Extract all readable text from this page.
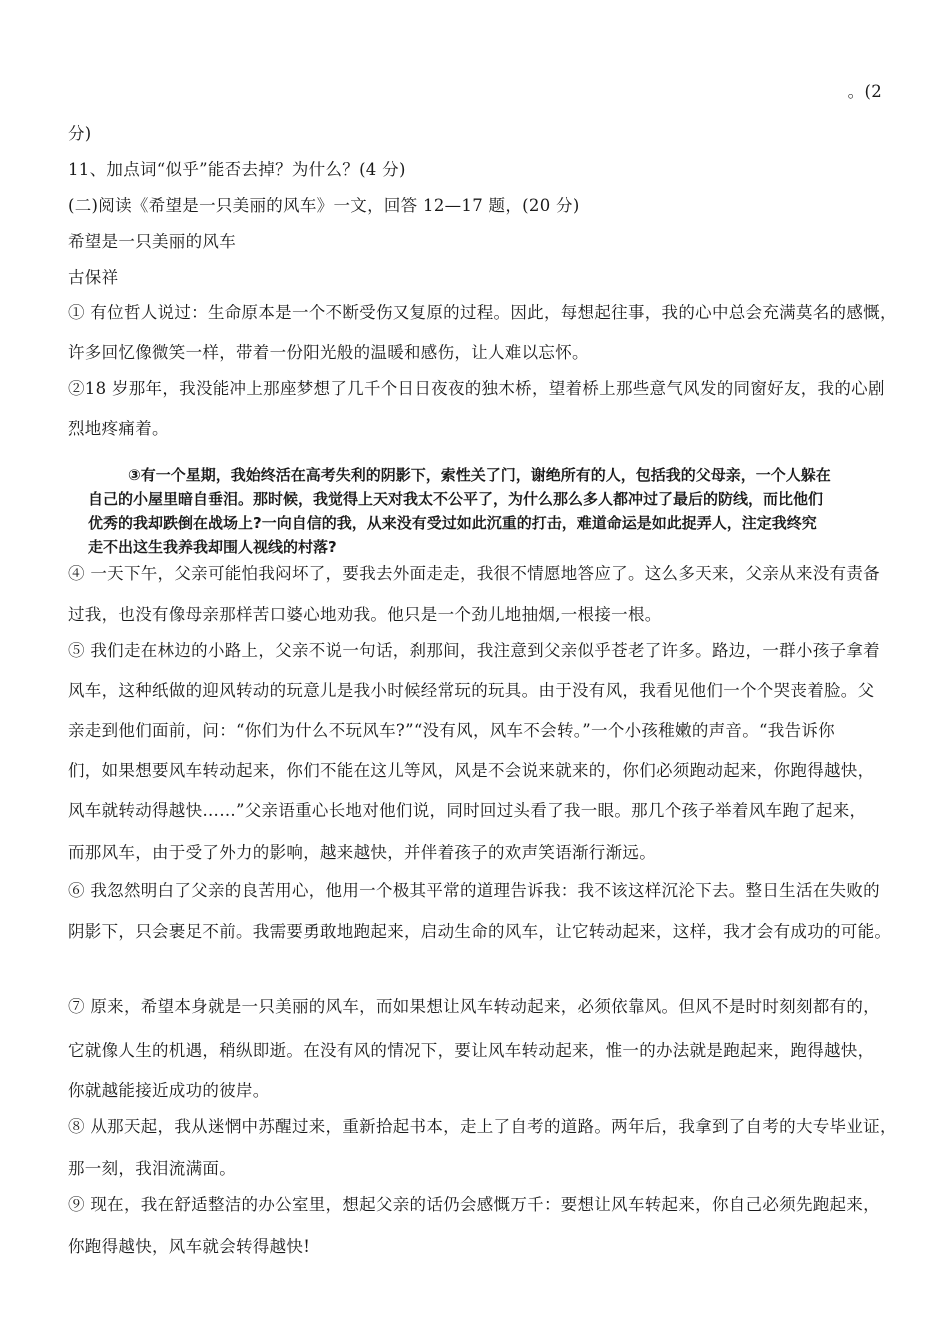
。(2
分)
11、加点词“似乎”能否去掉？为什么？(4 分)
(二)阅读《希望是一只美丽的风车》一文，回答 12—17 题，(20 分)
希望是一只美丽的风车
古保祥
① 有位哲人说过：生命原本是一个不断受伤又复原的过程。因此，每想起往事，我的心中总会充满莫名的感慨，
许多回忆像微笑一样，带着一份阳光般的温暖和感伤，让人难以忘怀。
②18 岁那年，我没能冲上那座梦想了几千个日日夜夜的独木桥，望着桥上那些意气风发的同窗好友，我的心剧
烈地疼痛着。
③有一个星期，我始终活在高考失利的阴影下，索性关了门，谢绝所有的人，包括我的父母亲，一个人躲在
自己的小屋里暗自垂泪。那时候，我觉得上天对我太不公平了，为什么那么多人都冲过了最后的防线，而比他们
优秀的我却跌倒在战场上?一向自信的我，从来没有受过如此沉重的打击，难道命运是如此捉弄人，注定我终究
走不出这生我养我却围人视线的村落?
④ 一天下午，父亲可能怕我闷坏了，要我去外面走走，我很不情愿地答应了。这么多天来，父亲从来没有责备
过我，也没有像母亲那样苦口婆心地劝我。他只是一个劲儿地抽烟,一根接一根。
⑤ 我们走在林边的小路上，父亲不说一句话，刹那间，我注意到父亲似乎苍老了许多。路边，一群小孩子拿着
风车，这种纸做的迎风转动的玩意儿是我小时候经常玩的玩具。由于没有风，我看见他们一个个哭丧着脸。父
亲走到他们面前，问：“你们为什么不玩风车?”“没有风，风车不会转。”一个小孩稚嫩的声音。“我告诉你
们，如果想要风车转动起来，你们不能在这儿等风，风是不会说来就来的，你们必须跑动起来，你跑得越快，
风车就转动得越快……”父亲语重心长地对他们说，同时回过头看了我一眼。那几个孩子举着风车跑了起来，
而那风车，由于受了外力的影响，越来越快，并伴着孩子的欢声笑语渐行渐远。
⑥ 我忽然明白了父亲的良苦用心，他用一个极其平常的道理告诉我：我不该这样沉沦下去。整日生活在失败的
阴影下，只会裹足不前。我需要勇敢地跑起来，启动生命的风车，让它转动起来，这样，我才会有成功的可能。
⑦ 原来，希望本身就是一只美丽的风车，而如果想让风车转动起来，必须依靠风。但风不是时时刻刻都有的，
它就像人生的机遇，稍纵即逝。在没有风的情况下，要让风车转动起来，惟一的办法就是跑起来，跑得越快，
你就越能接近成功的彼岸。
⑧ 从那天起，我从迷惘中苏醒过来，重新拾起书本，走上了自考的道路。两年后，我拿到了自考的大专毕业证，
那一刻，我泪流满面。
⑨ 现在，我在舒适整洁的办公室里，想起父亲的话仍会感慨万千：要想让风车转起来，你自己必须先跑起来，
你跑得越快，风车就会转得越快!
